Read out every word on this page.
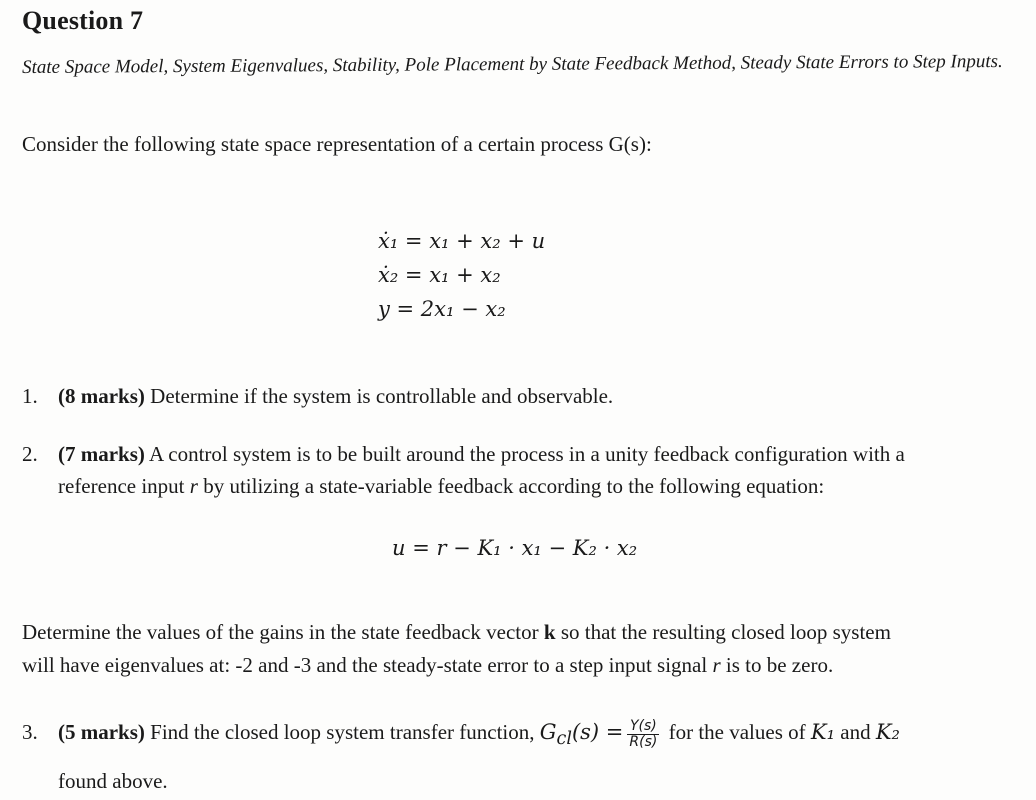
Question 7
State Space Model, System Eigenvalues, Stability, Pole Placement by State Feedback Method, Steady State Errors to Step Inputs.
Consider the following state space representation of a certain process G(s):
ẋ₁ = x₁ + x₂ + u
ẋ₂ = x₁ + x₂
y = 2x₁ − x₂
1. (8 marks) Determine if the system is controllable and observable.
2. (7 marks) A control system is to be built around the process in a unity feedback configuration with a
reference input r by utilizing a state-variable feedback according to the following equation:
u = r − K₁ · x₁ − K₂ · x₂
Determine the values of the gains in the state feedback vector k so that the resulting closed loop system
will have eigenvalues at: -2 and -3 and the steady-state error to a step input signal r is to be zero.
3. (5 marks) Find the closed loop system transfer function, $G_{cl}(s) = \frac{Y(s)}{R(s)}$ for the values of K₁ and K₂
found above.
